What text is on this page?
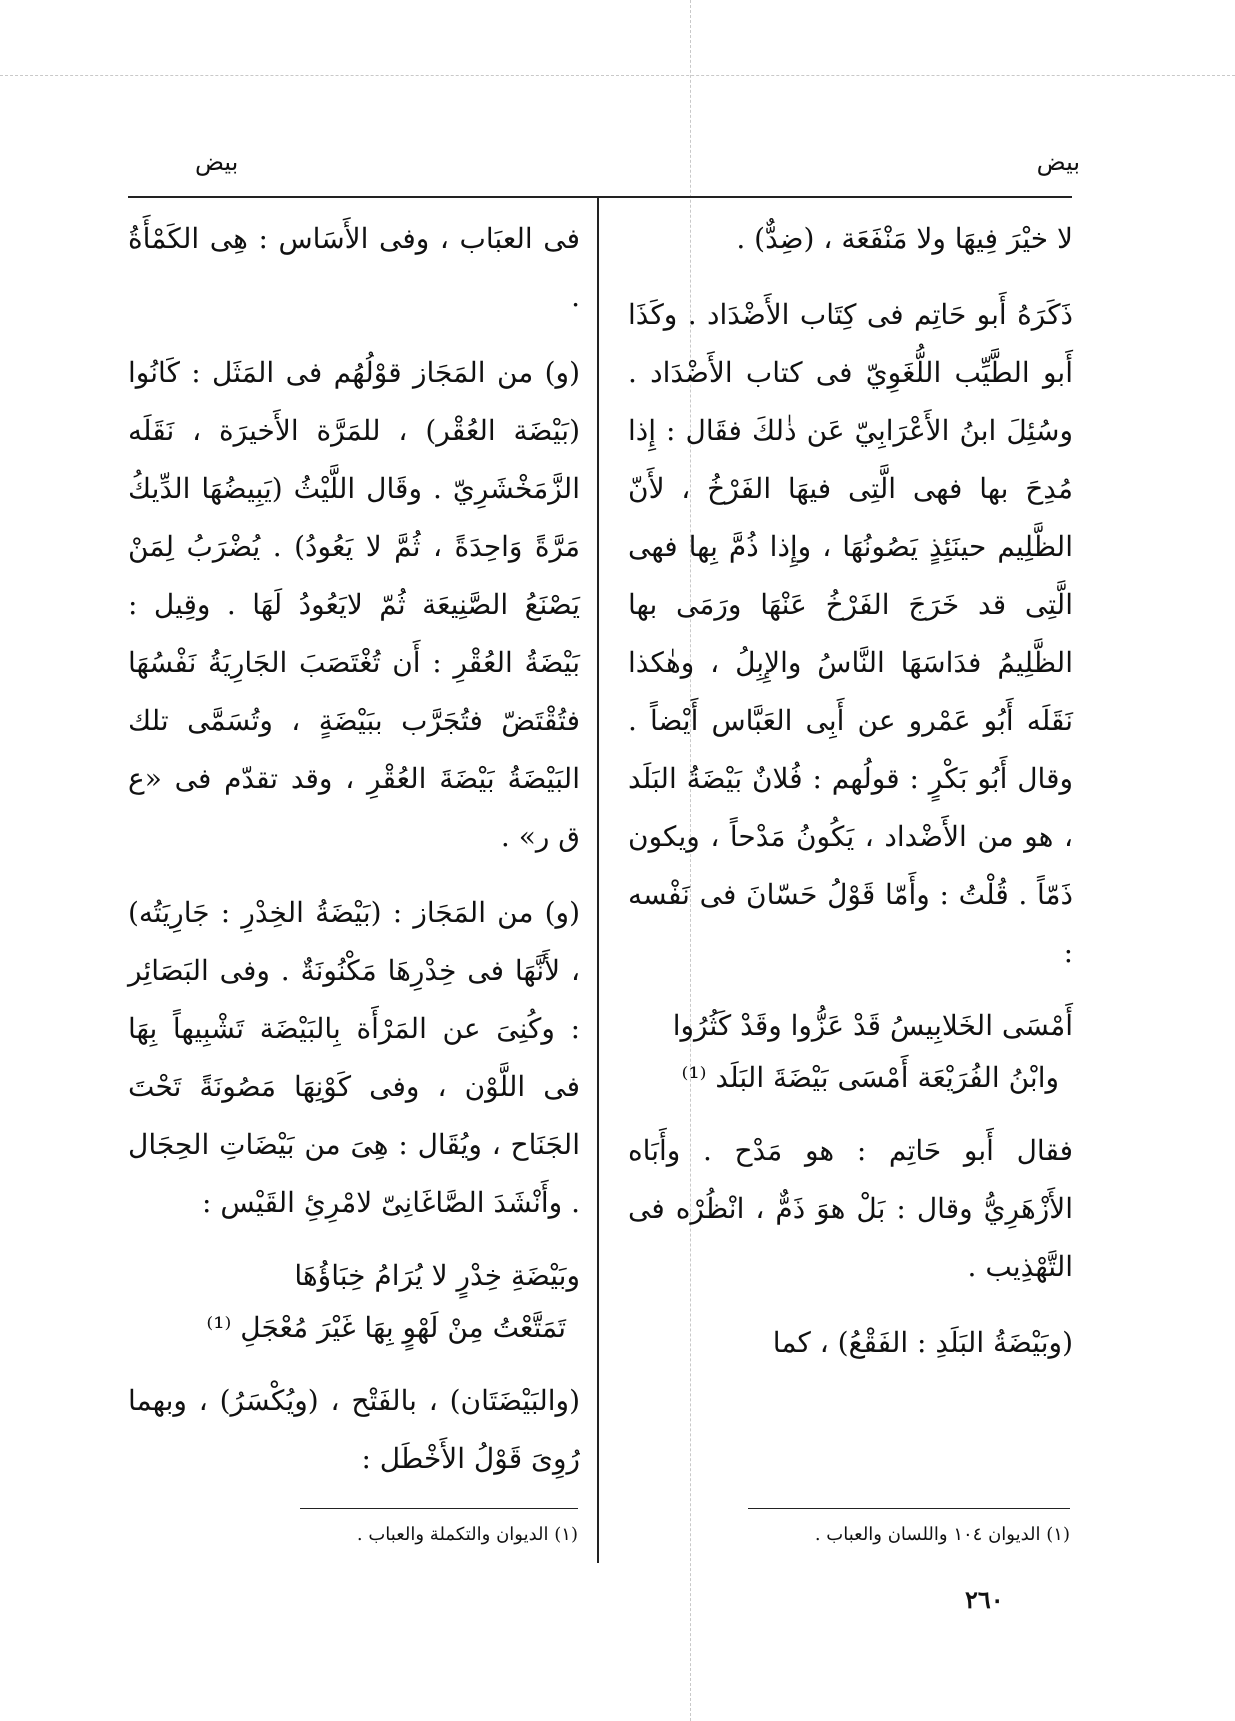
بيض
بيض

لا خيْرَ فِيهَا ولا مَنْفَعَة ، (ضِدٌّ) .

ذَكَرَهُ أَبو حَاتِم فى كِتَاب الأَضْدَاد . وكَذَا أَبو الطَّيِّب اللُّغَوِيّ فى كتاب الأَضْدَاد . وسُئِلَ ابنُ الأَعْرَابِيّ عَن ذٰلكَ فقَال : إِذا مُدِحَ بها فهى الَّتِى فيهَا الفَرْخُ ، لأَنّ الظَّلِيم حينَئِذٍ يَصُونُهَا ، وإِذا ذُمَّ بِها فهى الَّتِى قد خَرَجَ الفَرْخُ عَنْهَا ورَمَى بها الظَّلِيمُ فدَاسَهَا النَّاسُ والإِبِلُ ، وهٰكذا نَقَلَه أَبُو عَمْرو عن أَبِى العَبَّاس أَيْضاً . وقال أَبُو بَكْرٍ : قولُهم : فُلانٌ بَيْضَةُ البَلَد ، هو من الأَضْداد ، يَكُونُ مَدْحاً ، ويكون ذَمّاً . قُلْتُ : وأَمّا قَوْلُ حَسّانَ فى نَفْسه :

أَمْسَى الخَلابِيسُ قَدْ عَزُّوا وقَدْ كَثُرُوا
وابْنُ الفُرَيْعَة أَمْسَى بَيْضَةَ البَلَد ⁽¹⁾

فقال أَبو حَاتِم : هو مَدْح . وأَبَاه الأَزْهَرِيُّ وقال : بَلْ هوَ ذَمٌّ ، انْظُرْه فى التَّهْذِيب .

(وبَيْضَةُ البَلَدِ : الفَقْعُ) ، كما

فى العبَاب ، وفى الأَسَاس : هِى الكَمْأَةُ .

(و) من المَجَاز قوْلُهُم فى المَثَل : كَانُوا (بَيْضَة العُقْر) ، للمَرَّة الأَخيرَة ، نَقَلَه الزَّمَخْشَرِيّ . وقَال اللَّيْثُ (يَبِيضُهَا الدِّيكُ مَرَّةً وَاحِدَةً ، ثُمَّ لا يَعُودُ) . يُضْرَبُ لِمَنْ يَصْنَعُ الصَّنِيعَة ثُمّ لايَعُودُ لَهَا . وقِيل : بَيْضَةُ العُقْرِ : أَن تُغْتَصَبَ الجَارِيَةُ نَفْسُهَا فتُقْتَضّ فتُجَرَّب ببَيْضَةٍ ، وتُسَمَّى تلك البَيْضَةُ بَيْضَةَ العُقْرِ ، وقد تقدّم فى «ع ق ر» .

(و) من المَجَاز : (بَيْضَةُ الخِدْرِ : جَارِيَتُه) ، لأَنَّهَا فى خِدْرِهَا مَكْنُونَةٌ . وفى البَصَائِر : وكُنِىَ عن المَرْأَة بِالبَيْضَة تَشْبِيهاً بِهَا فى اللَّوْن ، وفى كَوْنِهَا مَصُونَةً تَحْتَ الجَنَاح ، ويُقَال : هِىَ من بَيْضَاتِ الحِجَال . وأَنْشَدَ الصَّاغَانِىّ لامْرِئِ القَيْس :

وبَيْضَةِ خِدْرٍ لا يُرَامُ خِبَاؤُهَا
تَمَتَّعْتُ مِنْ لَهْوٍ بِهَا غَيْرَ مُعْجَلِ ⁽¹⁾

(والبَيْضَتَان) ، بالفَتْح ، (ويُكْسَرُ) ، وبهما رُوِىَ قَوْلُ الأَخْطَل :

(١) الديوان ١٠٤ واللسان والعباب .
(١) الديوان والتكملة والعباب .
٢٦٠
